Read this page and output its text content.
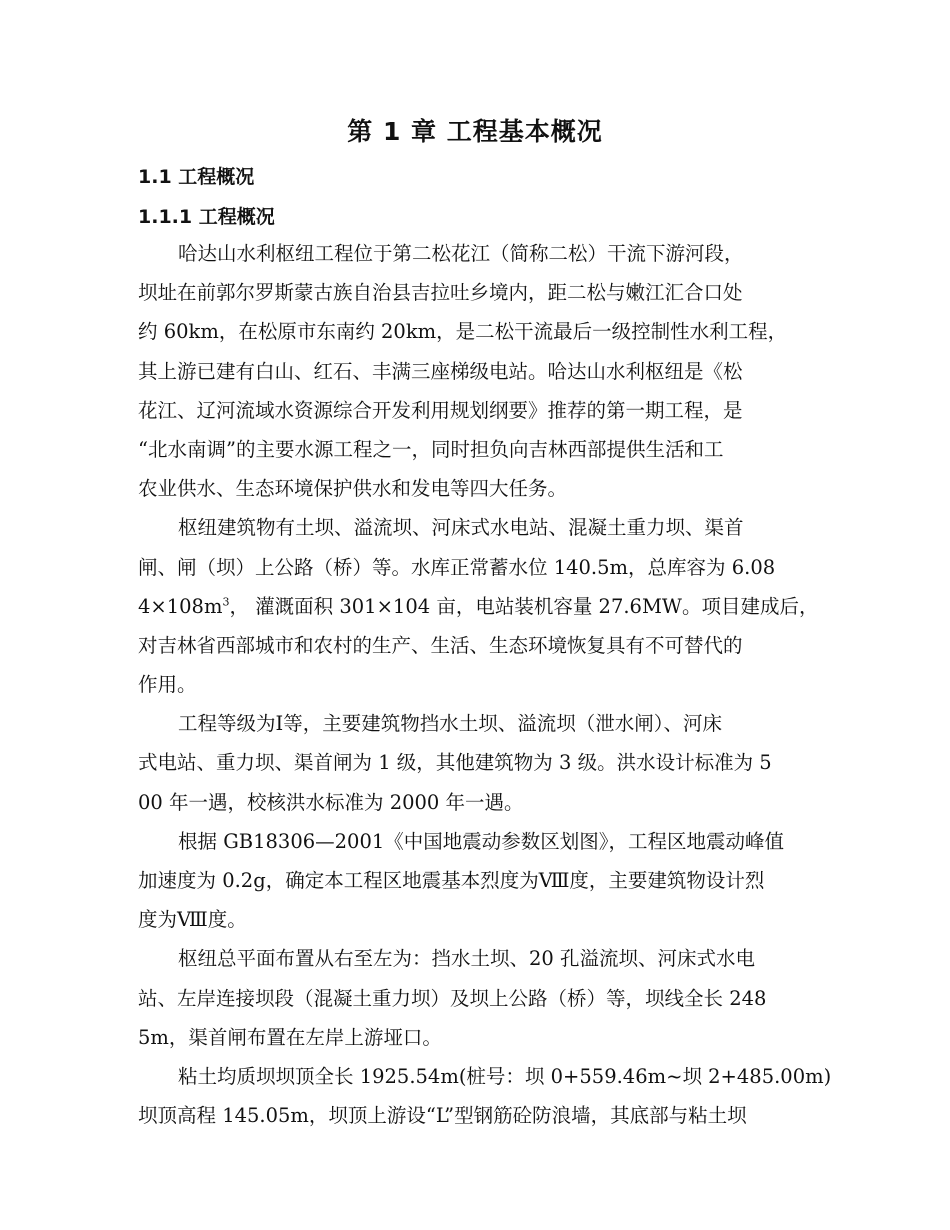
第 1 章 工程基本概况
1.1 工程概况
1.1.1 工程概况
哈达山水利枢纽工程位于第二松花江（简称二松）干流下游河段，
坝址在前郭尔罗斯蒙古族自治县吉拉吐乡境内，距二松与嫩江汇合口处
约 60km，在松原市东南约 20km，是二松干流最后一级控制性水利工程，
其上游已建有白山、红石、丰满三座梯级电站。哈达山水利枢纽是《松
花江、辽河流域水资源综合开发利用规划纲要》推荐的第一期工程，是
“北水南调”的主要水源工程之一，同时担负向吉林西部提供生活和工
农业供水、生态环境保护供水和发电等四大任务。
枢纽建筑物有土坝、溢流坝、河床式水电站、混凝土重力坝、渠首
闸、闸（坝）上公路（桥）等。水库正常蓄水位 140.5m，总库容为 6.08
$4\times 108m^3$， 灌溉面积 301×104 亩，电站装机容量 27.6MW。项目建成后，
对吉林省西部城市和农村的生产、生活、生态环境恢复具有不可替代的
作用。
工程等级为Ⅰ等，主要建筑物挡水土坝、溢流坝（泄水闸）、河床
式电站、重力坝、渠首闸为 1 级，其他建筑物为 3 级。洪水设计标准为 5
00 年一遇，校核洪水标准为 2000 年一遇。
根据 GB18306—2001《中国地震动参数区划图》，工程区地震动峰值
加速度为 0.2g，确定本工程区地震基本烈度为Ⅷ度，主要建筑物设计烈
度为Ⅷ度。
枢纽总平面布置从右至左为：挡水土坝、20 孔溢流坝、河床式水电
站、左岸连接坝段（混凝土重力坝）及坝上公路（桥）等，坝线全长 248
5m，渠首闸布置在左岸上游垭口。
粘土均质坝坝顶全长 1925.54m(桩号：坝 0+559.46m~坝 2+485.00m)
坝顶高程 145.05m，坝顶上游设“L”型钢筋砼防浪墙，其底部与粘土坝
